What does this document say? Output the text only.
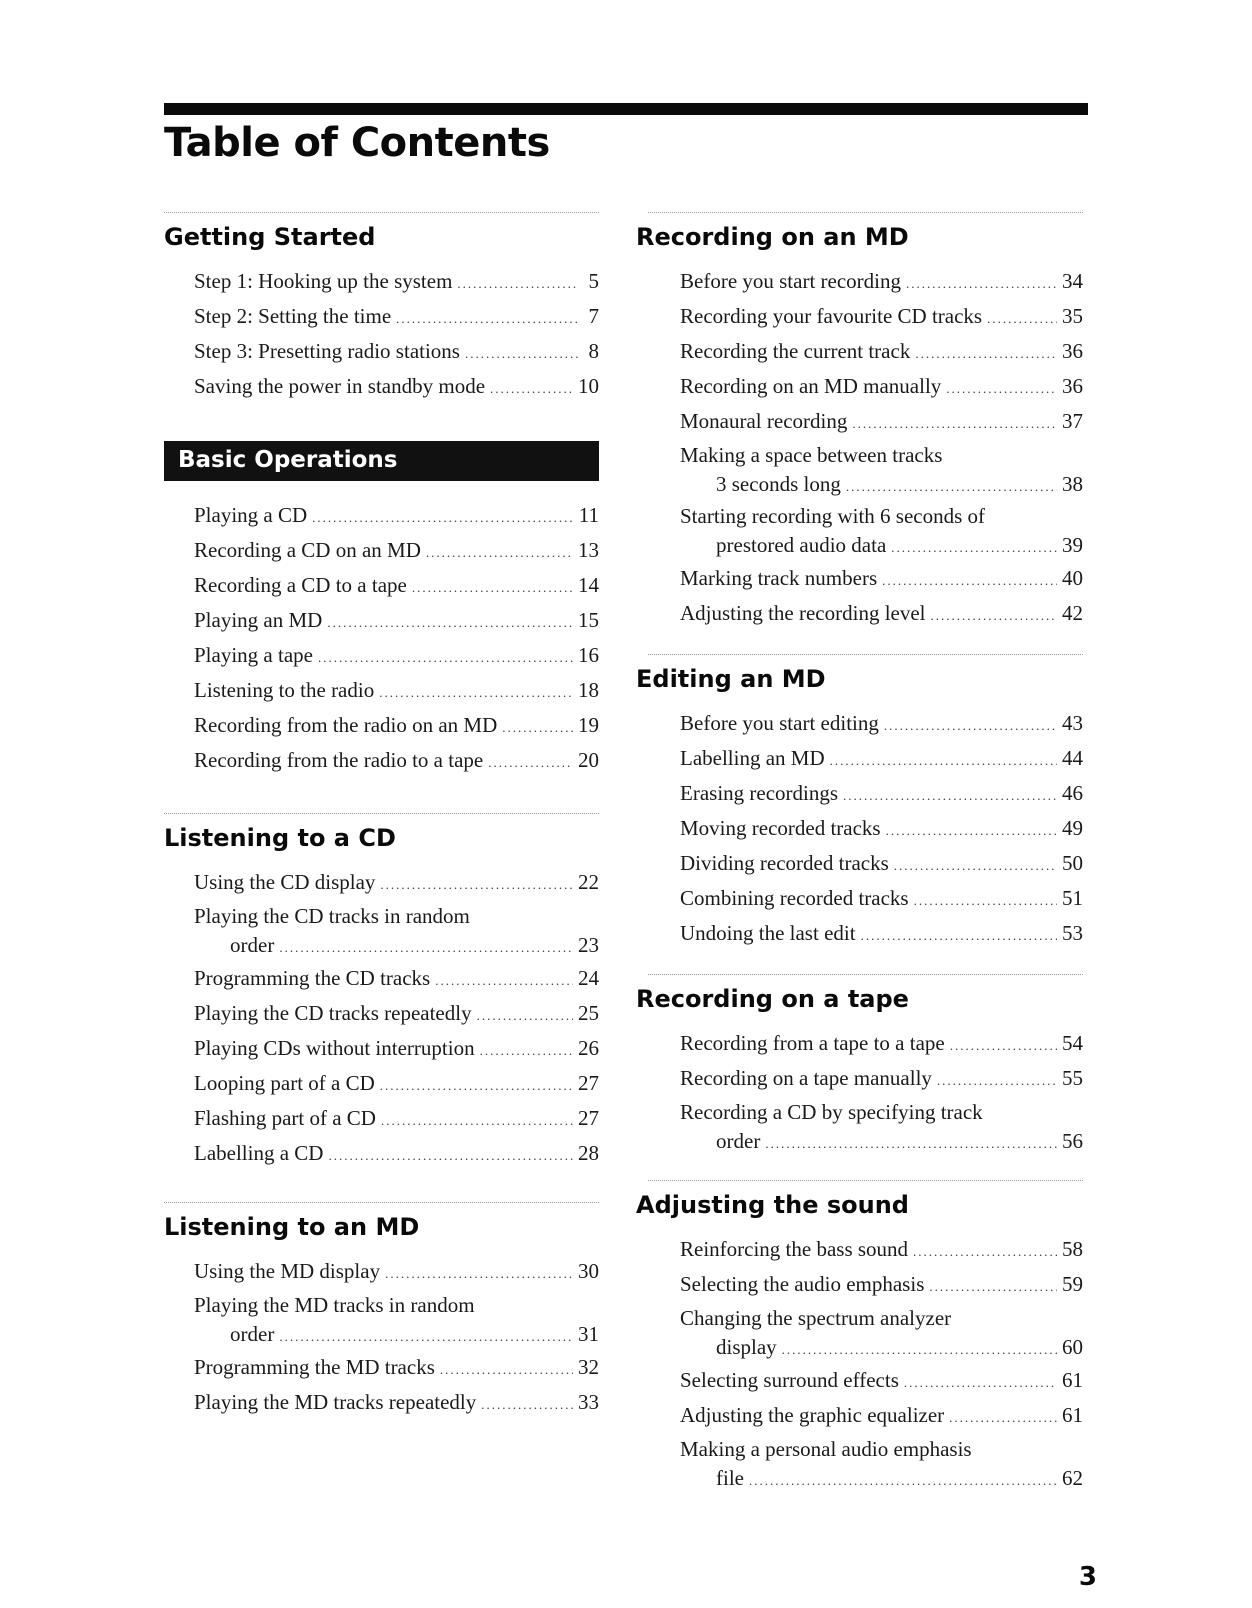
Table of Contents
Getting Started
Step 1: Hooking up the system .....	5
Step 2: Setting the time .....	7
Step 3: Presetting radio stations .....	8
Saving the power in standby mode .....	10
Basic Operations
Playing a CD .....	11
Recording a CD on an MD .....	13
Recording a CD to a tape .....	14
Playing an MD .....	15
Playing a tape .....	16
Listening to the radio .....	18
Recording from the radio on an MD .....	19
Recording from the radio to a tape .....	20
Listening to a CD
Using the CD display .....	22
Playing the CD tracks in random
order .....	23
Programming the CD tracks .....	24
Playing the CD tracks repeatedly .....	25
Playing CDs without interruption .....	26
Looping part of a CD .....	27
Flashing part of a CD .....	27
Labelling a CD .....	28
Listening to an MD
Using the MD display .....	30
Playing the MD tracks in random
order .....	31
Programming the MD tracks .....	32
Playing the MD tracks repeatedly .....	33
Recording on an MD
Before you start recording .....	34
Recording your favourite CD tracks .....	35
Recording the current track .....	36
Recording on an MD manually .....	36
Monaural recording .....	37
Making a space between tracks
3 seconds long .....	38
Starting recording with 6 seconds of
prestored audio data .....	39
Marking track numbers .....	40
Adjusting the recording level .....	42
Editing an MD
Before you start editing .....	43
Labelling an MD .....	44
Erasing recordings .....	46
Moving recorded tracks .....	49
Dividing recorded tracks .....	50
Combining recorded tracks .....	51
Undoing the last edit .....	53
Recording on a tape
Recording from a tape to a tape .....	54
Recording on a tape manually .....	55
Recording a CD by specifying track
order .....	56
Adjusting the sound
Reinforcing the bass sound .....	58
Selecting the audio emphasis .....	59
Changing the spectrum analyzer
display .....	60
Selecting surround effects .....	61
Adjusting the graphic equalizer .....	61
Making a personal audio emphasis
file .....	62
3
